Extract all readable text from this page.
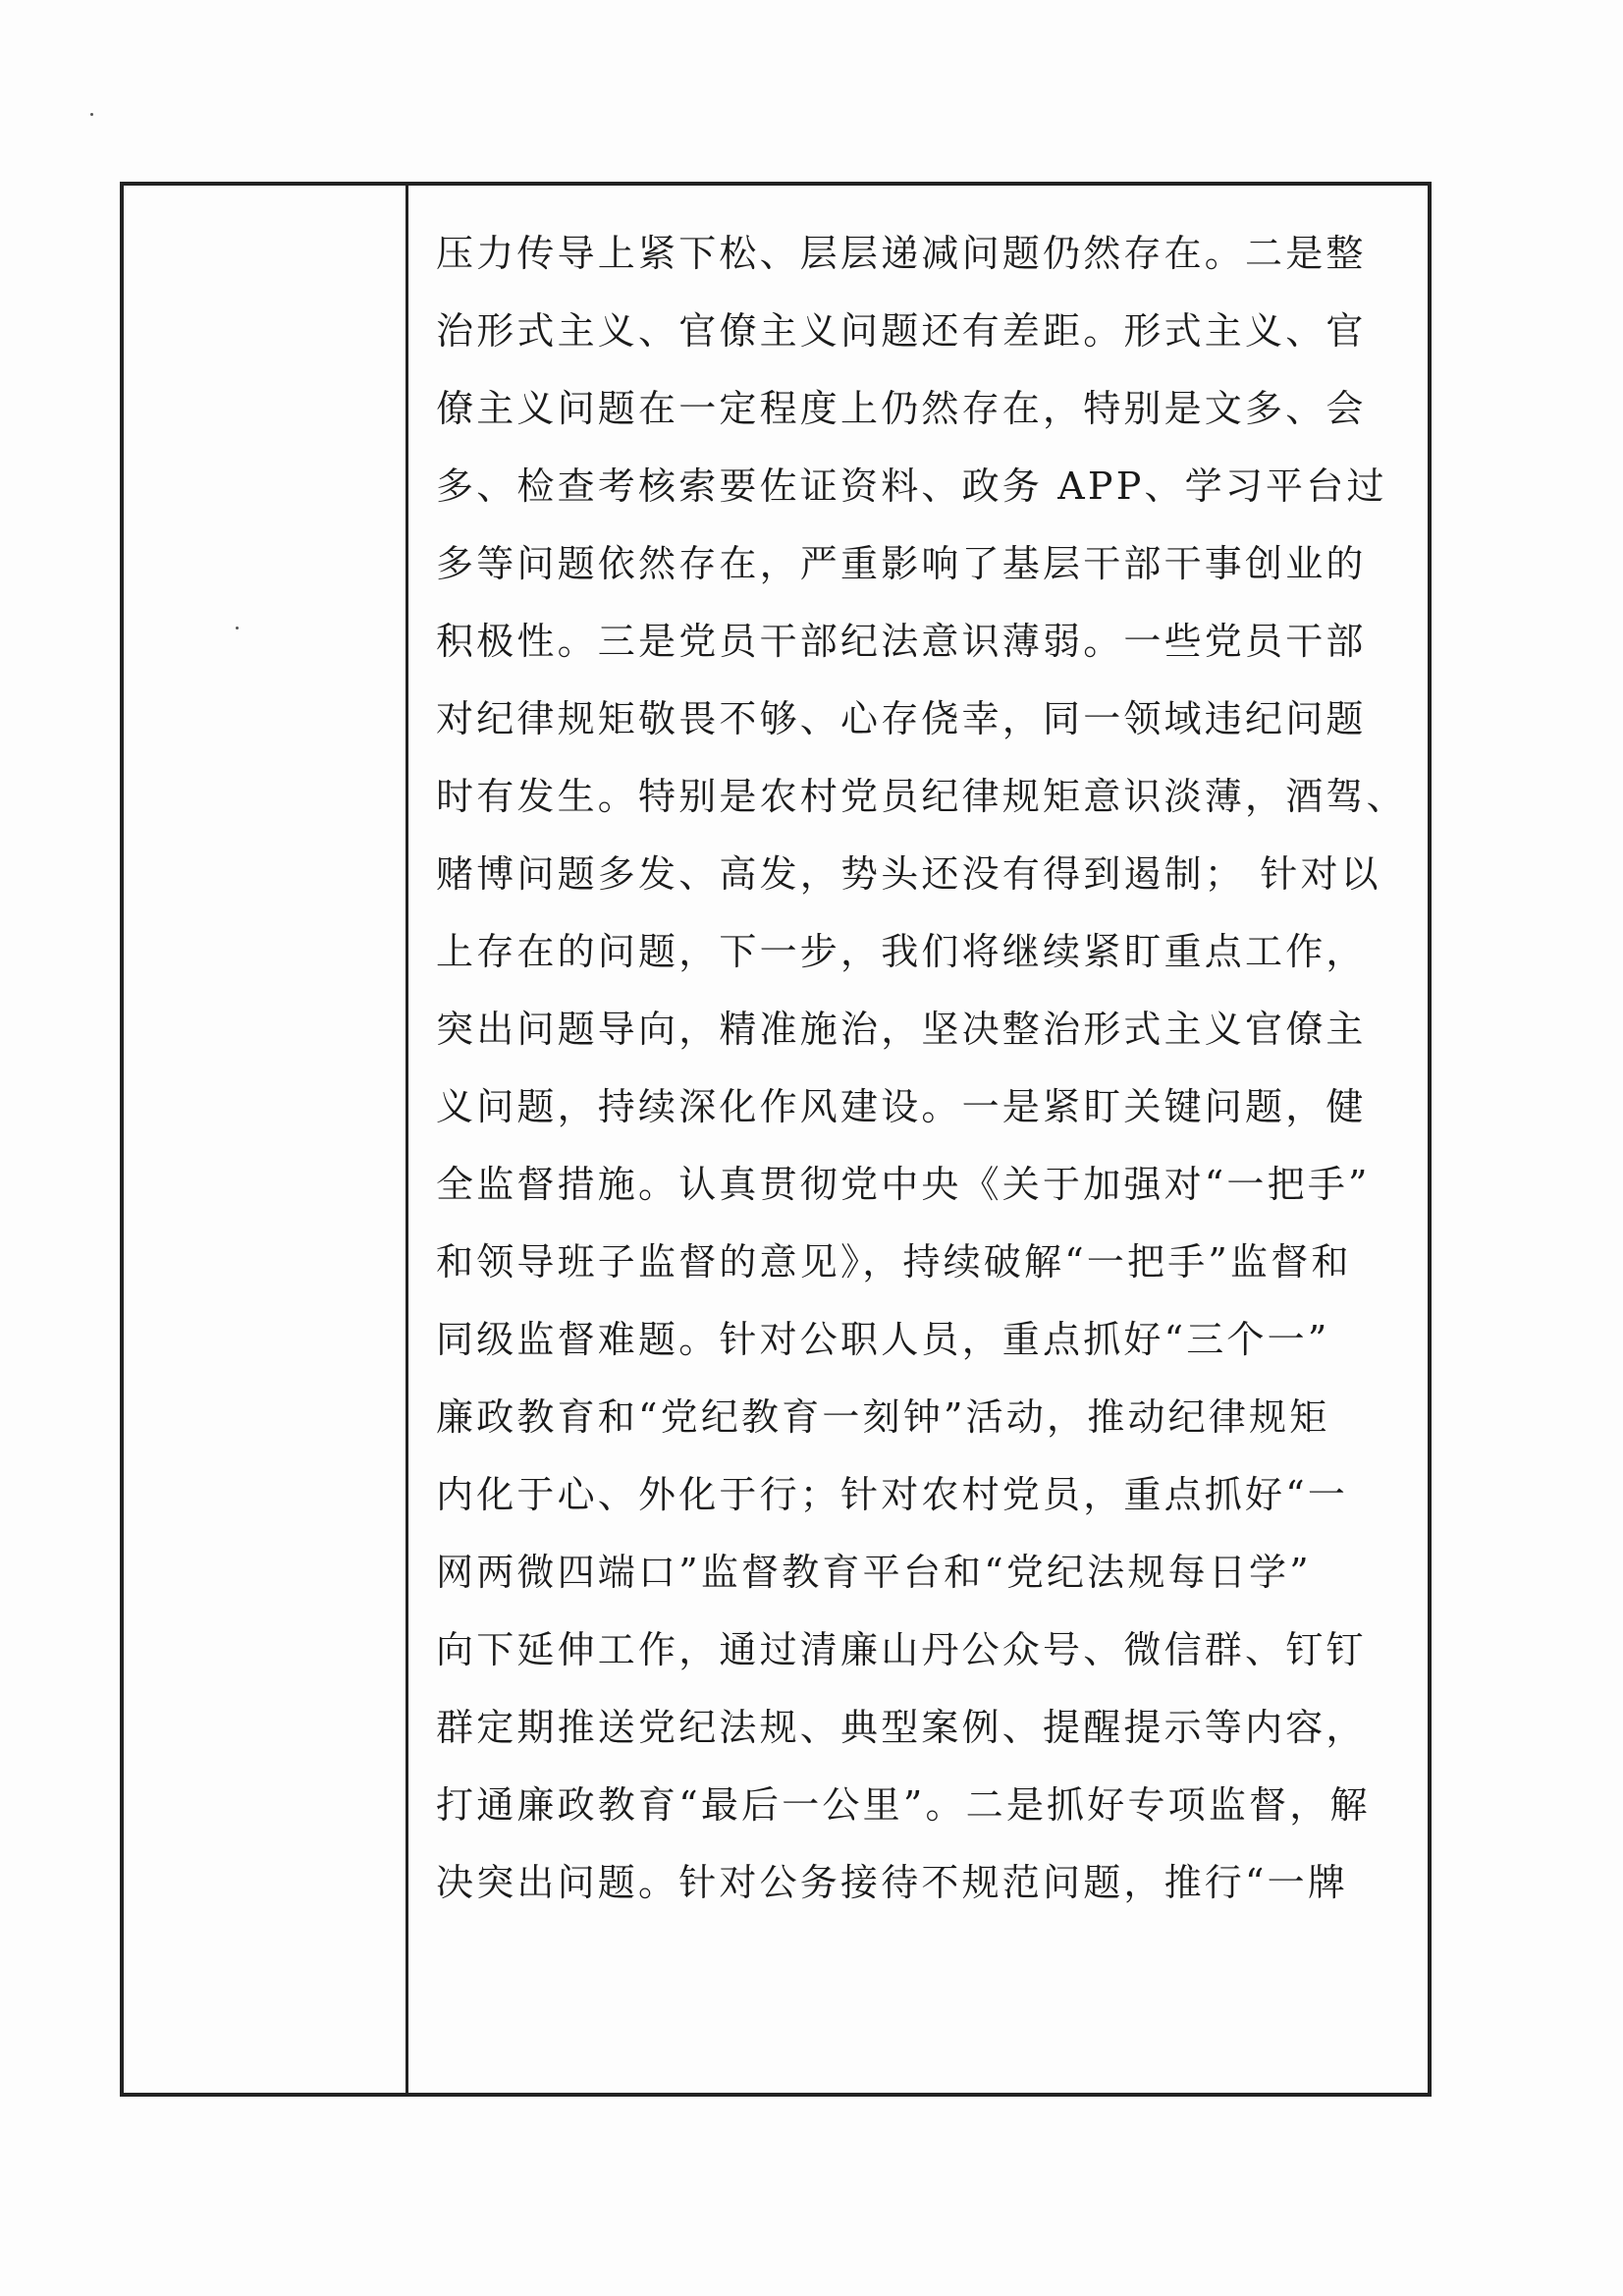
压力传导上紧下松、层层递减问题仍然存在。二是整
治形式主义、官僚主义问题还有差距。形式主义、官
僚主义问题在一定程度上仍然存在，特别是文多、会
多、检查考核索要佐证资料、政务 APP、学习平台过
多等问题依然存在，严重影响了基层干部干事创业的
积极性。三是党员干部纪法意识薄弱。一些党员干部
对纪律规矩敬畏不够、心存侥幸，同一领域违纪问题
时有发生。特别是农村党员纪律规矩意识淡薄，酒驾、
赌博问题多发、高发，势头还没有得到遏制； 针对以
上存在的问题，下一步，我们将继续紧盯重点工作，
突出问题导向，精准施治，坚决整治形式主义官僚主
义问题，持续深化作风建设。一是紧盯关键问题，健
全监督措施。认真贯彻党中央《关于加强对“一把手”
和领导班子监督的意见》，持续破解“一把手”监督和
同级监督难题。针对公职人员，重点抓好“三个一”
廉政教育和“党纪教育一刻钟”活动，推动纪律规矩
内化于心、外化于行；针对农村党员，重点抓好“一
网两微四端口”监督教育平台和“党纪法规每日学”
向下延伸工作，通过清廉山丹公众号、微信群、钉钉
群定期推送党纪法规、典型案例、提醒提示等内容，
打通廉政教育“最后一公里”。二是抓好专项监督，解
决突出问题。针对公务接待不规范问题，推行“一牌
